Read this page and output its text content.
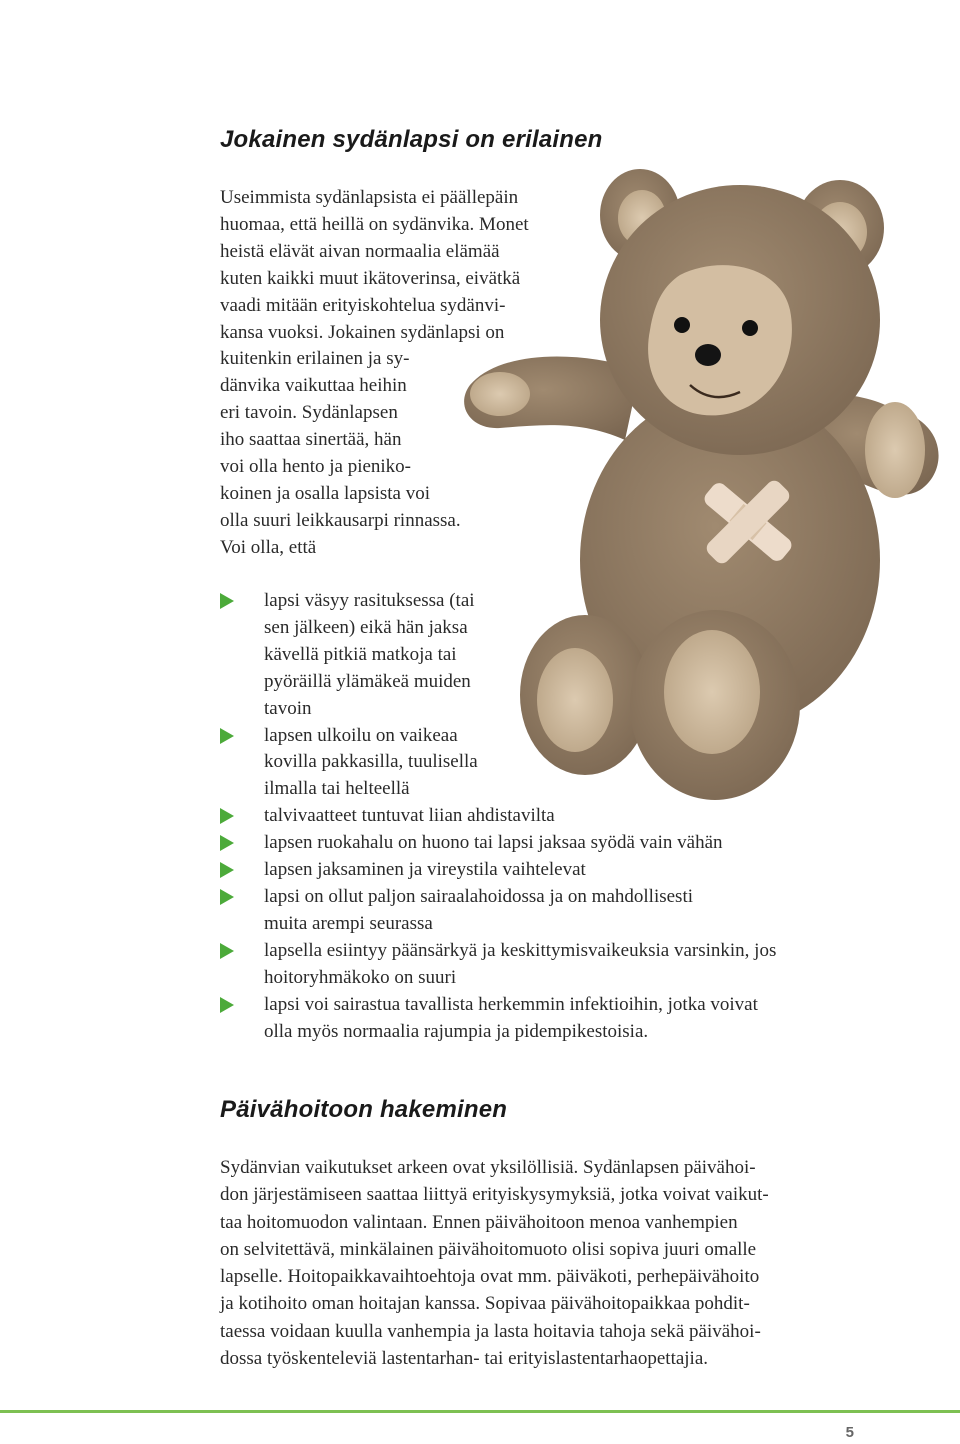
Jokainen sydänlapsi on erilainen

Useimmista sydänlapsista ei päällepäin
huomaa, että heillä on sydänvika. Monet
heistä elävät aivan normaalia elämää
kuten kaikki muut ikätoverinsa, eivätkä
vaadi mitään erityiskohtelua sydänvi-
kansa vuoksi. Jokainen sydänlapsi on
kuitenkin erilainen ja sy-
dänvika vaikuttaa heihin
eri tavoin. Sydänlapsen
iho saattaa sinertää, hän
voi olla hento ja pieniko-
koinen ja osalla lapsista voi
olla suuri leikkausarpi rinnassa.
Voi olla, että

lapsi väsyy rasituksessa (tai
sen jälkeen) eikä hän jaksa
kävellä pitkiä matkoja tai
pyöräillä ylämäkeä muiden
tavoin
lapsen ulkoilu on vaikeaa
kovilla pakkasilla, tuulisella
ilmalla tai helteellä
talvivaatteet tuntuvat liian ahdistavilta
lapsen ruokahalu on huono tai lapsi jaksaa syödä vain vähän
lapsen jaksaminen ja vireystila vaihtelevat
lapsi on ollut paljon sairaalahoidossa ja on mahdollisesti
muita arempi seurassa
lapsella esiintyy päänsärkyä ja keskittymisvaikeuksia varsinkin, jos
hoitoryhmäkoko on suuri
lapsi voi sairastua tavallista herkemmin infektioihin, jotka voivat
olla myös normaalia rajumpia ja pidempikestoisia.
Päivähoitoon hakeminen

Sydänvian vaikutukset arkeen ovat yksilöllisiä. Sydänlapsen päivähoi-
don järjestämiseen saattaa liittyä erityiskysymyksiä, jotka voivat vaikut-
taa hoitomuodon valintaan. Ennen päivähoitoon menoa vanhempien
on selvitettävä, minkälainen päivähoitomuoto olisi sopiva juuri omalle
lapselle. Hoitopaikkavaihtoehtoja ovat mm. päiväkoti, perhepäivähoito
ja kotihoito oman hoitajan kanssa. Sopivaa päivähoitopaikkaa pohdit-
taessa voidaan kuulla vanhempia ja lasta hoitavia tahoja sekä päivähoi-
dossa työskenteleviä lastentarhan- tai erityislastentarhaopettajia.

5
